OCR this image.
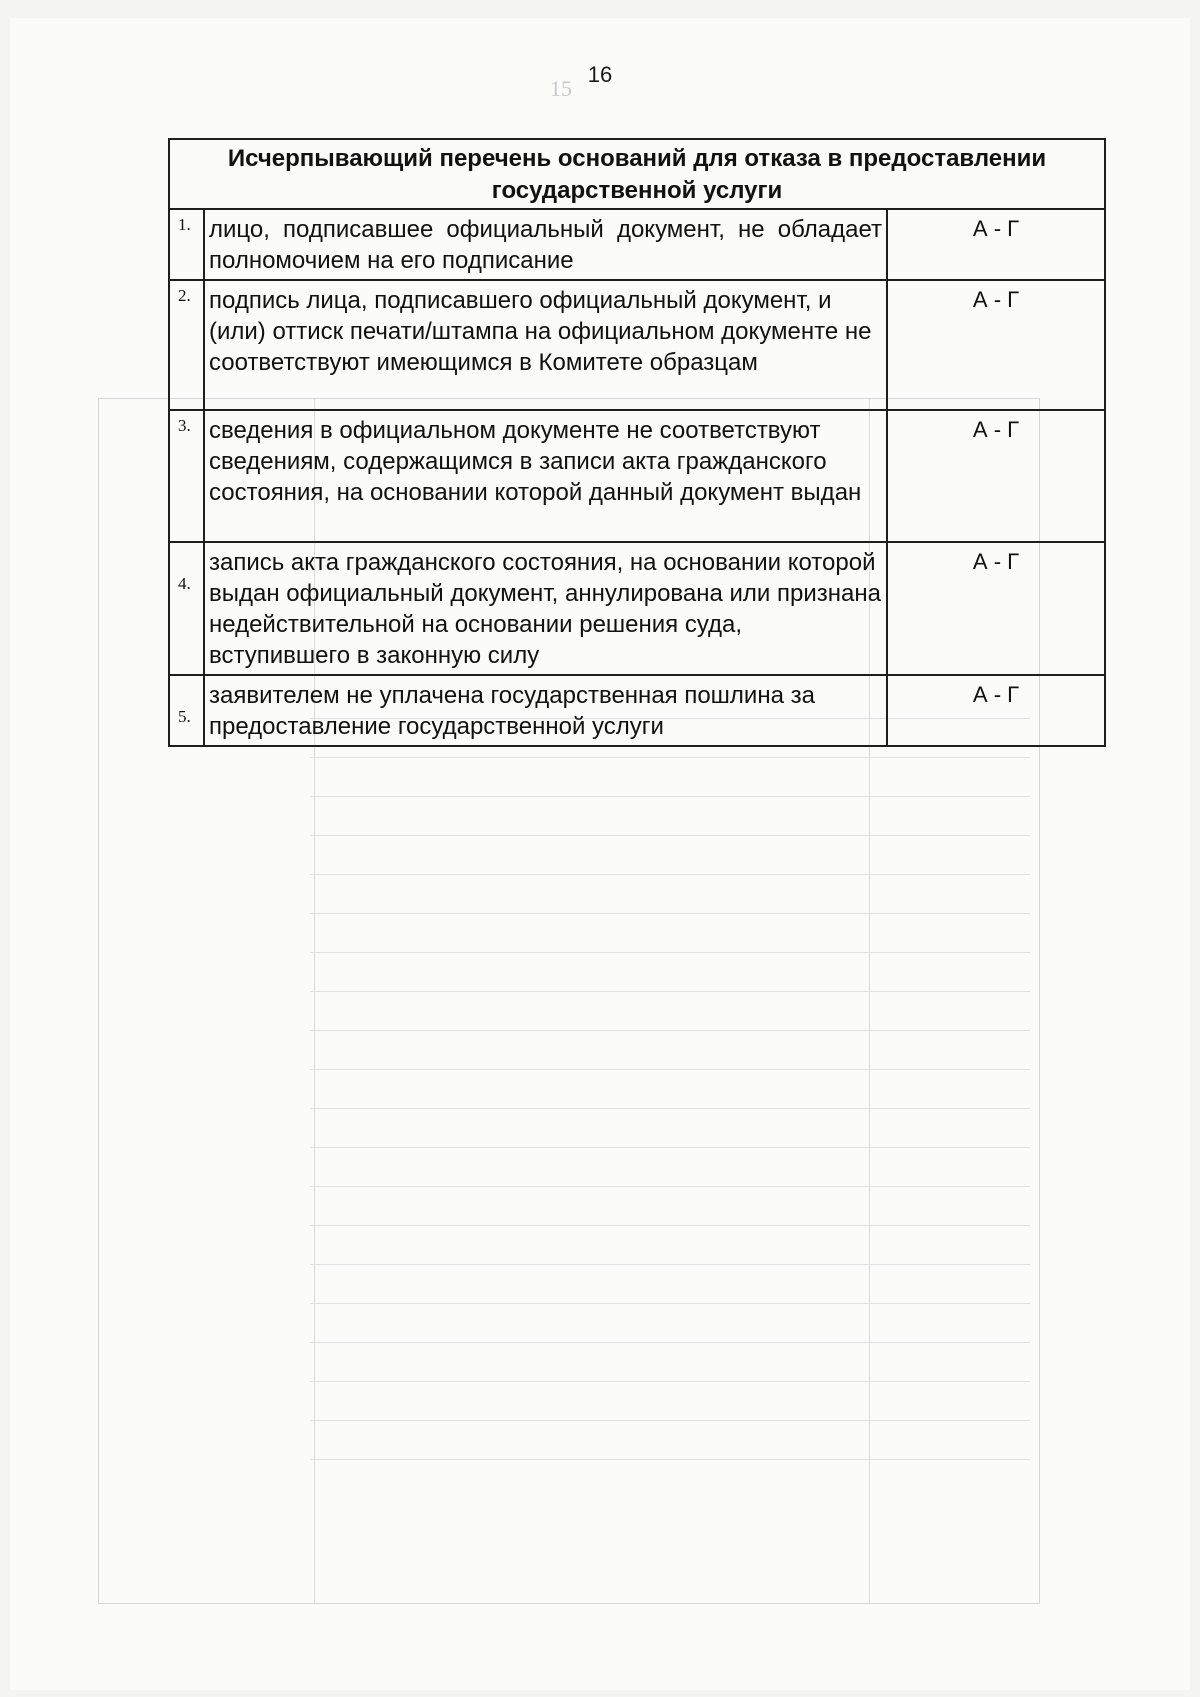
15
16
Исчерпывающий перечень оснований для отказа в предоставлении государственной услуги		
1.	лицо, подписавшее официальный документ, не обладает полномочием на его подписание	А - Г
2.	подпись лица, подписавшего официальный документ, и (или) оттиск печати/штампа на официальном документе не соответствуют имеющимся в Комитете образцам	А - Г
3.	сведения в официальном документе не соответствуют сведениям, содержащимся в записи акта гражданского состояния, на основании которой данный документ выдан	А - Г
4.	запись акта гражданского состояния, на основании которой выдан официальный документ, аннулирована или признана недействительной на основании решения суда, вступившего в законную силу	А - Г
5.	заявителем не уплачена государственная пошлина за предоставление государственной услуги	А - Г
